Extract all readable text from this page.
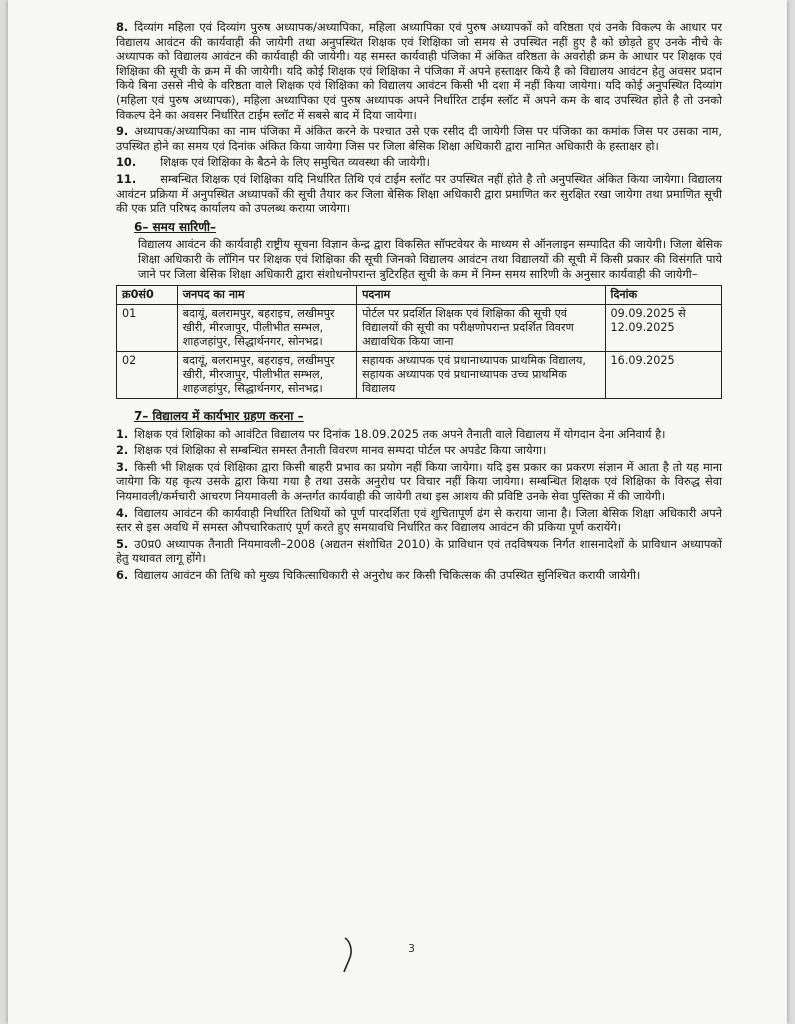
8. दिव्यांग महिला एवं दिव्यांग पुरुष अध्यापक/अध्यापिका, महिला अध्यापिका एवं पुरुष अध्यापकों को वरिष्ठता एवं उनके विकल्प के आधार पर विद्यालय आवंटन की कार्यवाही की जायेगी तथा अनुपस्थित शिक्षक एवं शिक्षिका जो समय से उपस्थित नहीं हुए है को छोड़ते हुए उनके नीचे के अध्यापक को विद्यालय आवंटन की कार्यवाही की जायेगी। यह समस्त कार्यवाही पंजिका में अंकित वरिष्ठता के अवरोही क्रम के आधार पर शिक्षक एवं शिक्षिका की सूची के क्रम में की जायेगी। यदि कोई शिक्षक एवं शिक्षिका ने पंजिका में अपने हस्ताक्षर किये है को विद्यालय आवंटन हेतु अवसर प्रदान किये बिना उससे नीचे के वरिष्ठता वाले शिक्षक एवं शिक्षिका को विद्यालय आवंटन किसी भी दशा में नहीं किया जायेगा। यदि कोई अनुपस्थित दिव्यांग (महिला एवं पुरुष अध्यापक), महिला अध्यापिका एवं पुरुष अध्यापक अपने निर्धारित टाईम स्लॉट में अपने कम के बाद उपस्थित होते है तो उनको विकल्प देने का अवसर निर्धारित टाईम स्लॉट में सबसे बाद में दिया जायेगा।

9. अध्यापक/अध्यापिका का नाम पंजिका में अंकित करने के पश्चात उसे एक रसीद दी जायेगी जिस पर पंजिका का कमांक जिस पर उसका नाम, उपस्थित होने का समय एवं दिनांक अंकित किया जायेगा जिस पर जिला बेसिक शिक्षा अधिकारी द्वारा नामित अधिकारी के हस्ताक्षर हो।

10. शिक्षक एवं शिक्षिका के बैठने के लिए समुचित व्यवस्था की जायेगी।

11. सम्बन्धित शिक्षक एवं शिक्षिका यदि निर्धारित तिथि एवं टाईम स्लॉट पर उपस्थित नहीं होते है तो अनुपस्थित अंकित किया जायेगा। विद्यालय आवंटन प्रक्रिया में अनुपस्थित अध्यापकों की सूची तैयार कर जिला बेसिक शिक्षा अधिकारी द्वारा प्रमाणित कर सुरक्षित रखा जायेगा तथा प्रमाणित सूची की एक प्रति परिषद कार्यालय को उपलब्ध कराया जायेगा।

6– समय सारिणी–

विद्यालय आवंटन की कार्यवाही राष्ट्रीय सूचना विज्ञान केन्द्र द्वारा विकसित सॉफ्टवेयर के माध्यम से ऑनलाइन सम्पादित की जायेगी। जिला बेसिक शिक्षा अधिकारी के लॉगिन पर शिक्षक एवं शिक्षिका की सूची जिनको विद्यालय आवंटन तथा विद्यालयों की सूची में किसी प्रकार की विसंगति पाये जाने पर जिला बेसिक शिक्षा अधिकारी द्वारा संशोधनोपरान्त त्रुटिरहित सूची के कम में निम्न समय सारिणी के अनुसार कार्यवाही की जायेगी–

क्र0सं0	जनपद का नाम	पदनाम	दिनांक
01	बदायूं, बलरामपुर, बहराइच, लखीमपुर खीरी, मीरजापुर, पीलीभीत सम्भल, शाहजहांपुर, सिद्धार्थनगर, सोनभद्र।	पोर्टल पर प्रदर्शित शिक्षक एवं शिक्षिका की सूची एवं विद्यालयों की सूची का परीक्षणोपरान्त प्रदर्शित विवरण अद्यावधिक किया जाना	09.09.2025 से 12.09.2025
02	बदायूं, बलरामपुर, बहराइच, लखीमपुर खीरी, मीरजापुर, पीलीभीत सम्भल, शाहजहांपुर, सिद्धार्थनगर, सोनभद्र।	सहायक अध्यापक एवं प्रधानाध्यापक प्राथमिक विद्यालय, सहायक अध्यापक एवं प्रधानाध्यापक उच्च प्राथमिक विद्यालय	16.09.2025
7– विद्यालय में कार्यभार ग्रहण करना –

1. शिक्षक एवं शिक्षिका को आवंटित विद्यालय पर दिनांक 18.09.2025 तक अपने तैनाती वाले विद्यालय में योगदान देना अनिवार्य है।

2. शिक्षक एवं शिक्षिका से सम्बन्धित समस्त तैनाती विवरण मानव सम्पदा पोर्टल पर अपडेट किया जायेगा।

3. किसी भी शिक्षक एवं शिक्षिका द्वारा किसी बाहरी प्रभाव का प्रयोग नहीं किया जायेगा। यदि इस प्रकार का प्रकरण संज्ञान में आता है तो यह माना जायेगा कि यह कृत्य उसके द्वारा किया गया है तथा उसके अनुरोध पर विचार नहीं किया जायेगा। सम्बन्धित शिक्षक एवं शिक्षिका के विरुद्ध सेवा नियमावली/कर्मचारी आचरण नियमावली के अन्तर्गत कार्यवाही की जायेगी तथा इस आशय की प्रविष्टि उनके सेवा पुस्तिका में की जायेगी।

4. विद्यालय आवंटन की कार्यवाही निर्धारित तिथियों को पूर्ण पारदर्शिता एवं शुचितापूर्ण ढंग से कराया जाना है। जिला बेसिक शिक्षा अधिकारी अपने स्तर से इस अवधि में समस्त औपचारिकताएं पूर्ण करते हुए समयावधि निर्धारित कर विद्यालय आवंटन की प्रकिया पूर्ण करायेंगे।

5. उ0प्र0 अध्यापक तैनाती नियमावली–2008 (अद्यतन संशोधित 2010) के प्राविधान एवं तदविषयक निर्गत शासनादेशों के प्राविधान अध्यापकों हेतु यथावत लागू होंगे।

6. विद्यालय आवंटन की तिथि को मुख्य चिकित्साधिकारी से अनुरोध कर किसी चिकित्सक की उपस्थित सुनिश्चित करायी जायेगी।

3
